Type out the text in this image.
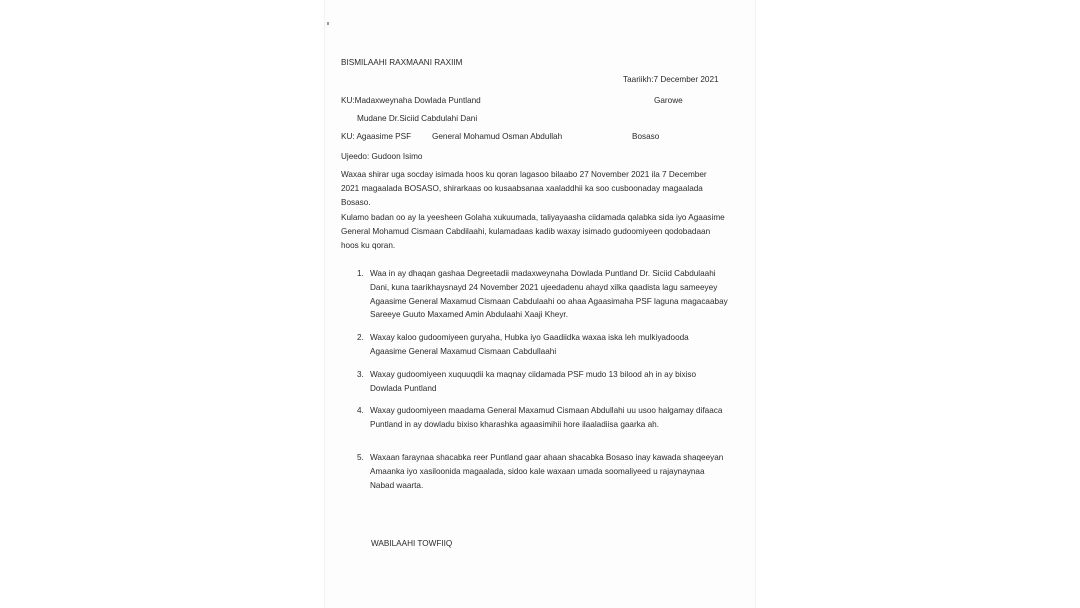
BISMILAAHI RAXMAANI RAXIIM
Taariikh:7 December 2021
KU:Madaxweynaha Dowlada Puntland	Garowe
Mudane Dr.Siciid Cabdulahi Dani
KU: Agaasime PSF	General Mohamud Osman Abdullah	Bosaso
Ujeedo: Gudoon Isimo

Waxaa shirar uga socday isimada hoos ku qoran lagasoo bilaabo 27 November 2021 ila 7 December

2021 magaalada BOSASO, shirarkaas oo kusaabsanaa xaaladdhii ka soo cusboonaday magaalada

Bosaso.

Kulamo badan oo ay la yeesheen Golaha xukuumada, taliyayaasha ciidamada qalabka sida iyo Agaasime

General Mohamud Cismaan Cabdilaahi, kulamadaas kadib waxay isimado gudoomiyeen qodobadaan

hoos ku qoran.

1. Waa in ay dhaqan gashaa Degreetadii madaxweynaha Dowlada Puntland Dr. Siciid Cabdulaahi

Dani, kuna taarikhaysnayd 24 November 2021 ujeedadenu ahayd xilka qaadista lagu sameeyey

Agaasime General Maxamud Cismaan Cabdulaahi oo ahaa Agaasimaha PSF laguna magacaabay

Sareeye Guuto Maxamed Amin Abdulaahi Xaaji Kheyr.

2. Waxay kaloo gudoomiyeen guryaha, Hubka iyo Gaadiidka waxaa iska leh mulkiyadooda

Agaasime General Maxamud Cismaan Cabdullaahi

3. Waxay gudoomiyeen xuquuqdii ka maqnay ciidamada PSF mudo 13 bilood ah in ay bixiso

Dowlada Puntland

4. Waxay gudoomiyeen maadama General Maxamud Cismaan Abdullahi uu usoo halgamay difaaca

Puntland in ay dowladu bixiso kharashka agaasimihii hore ilaaladiisa gaarka ah.

5. Waxaan faraynaa shacabka reer Puntland gaar ahaan shacabka Bosaso inay kawada shaqeeyan

Amaanka iyo xasiloonida magaalada, sidoo kale waxaan umada soomaliyeed u rajaynaynaa

Nabad waarta.

WABILAAHI TOWFIIQ
